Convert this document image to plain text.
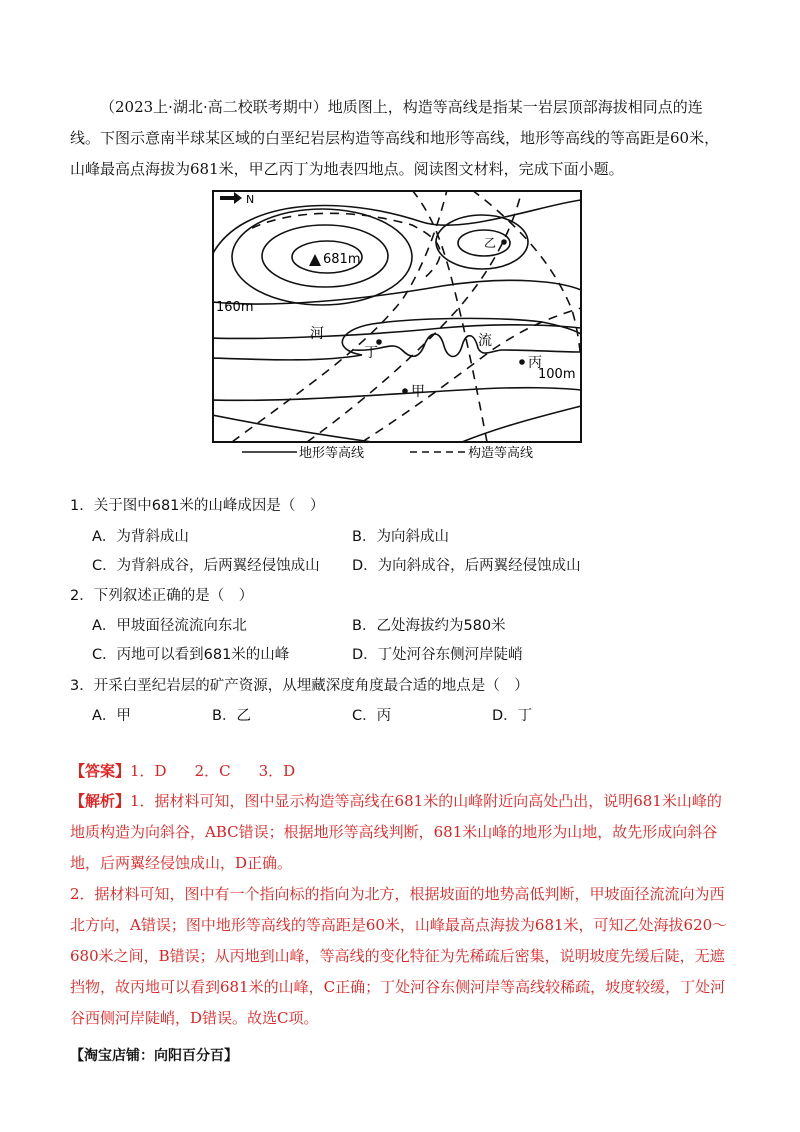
（2023上·湖北·高二校联考期中）地质图上，构造等高线是指某一岩层顶部海拔相同点的连线。下图示意南半球某区域的白垩纪岩层构造等高线和地形等高线，地形等高线的等高距是60米，山峰最高点海拔为681米，甲乙丙丁为地表四地点。阅读图文材料，完成下面小题。

N
681m
乙
160m
100m
河	流
丁
丙
甲
地形等高线	构造等高线
1．关于图中681米的山峰成因是（　）
A．为背斜成山	B．为向斜成山
C．为背斜成谷，后两翼经侵蚀成山 D．为向斜成谷，后两翼经侵蚀成山
2．下列叙述正确的是（　）
A．甲坡面径流流向东北	B．乙处海拔约为580米
C．丙地可以看到681米的山峰	D．丁处河谷东侧河岸陡峭
3．开采白垩纪岩层的矿产资源，从埋藏深度角度最合适的地点是（　）
A．甲	B．乙	C．丙	D．丁
【答案】1．D 2．C 3．D

【解析】1．据材料可知，图中显示构造等高线在681米的山峰附近向高处凸出，说明681米山峰的地质构造为向斜谷，ABC错误；根据地形等高线判断，681米山峰的地形为山地，故先形成向斜谷地，后两翼经侵蚀成山，D正确。

2．据材料可知，图中有一个指向标的指向为北方，根据坡面的地势高低判断，甲坡面径流流向为西北方向，A错误；图中地形等高线的等高距是60米，山峰最高点海拔为681米，可知乙处海拔620～680米之间，B错误；从丙地到山峰，等高线的变化特征为先稀疏后密集，说明坡度先缓后陡，无遮挡物，故丙地可以看到681米的山峰，C正确；丁处河谷东侧河岸等高线较稀疏，坡度较缓，丁处河谷西侧河岸陡峭，D错误。故选C项。

【淘宝店铺：向阳百分百】
